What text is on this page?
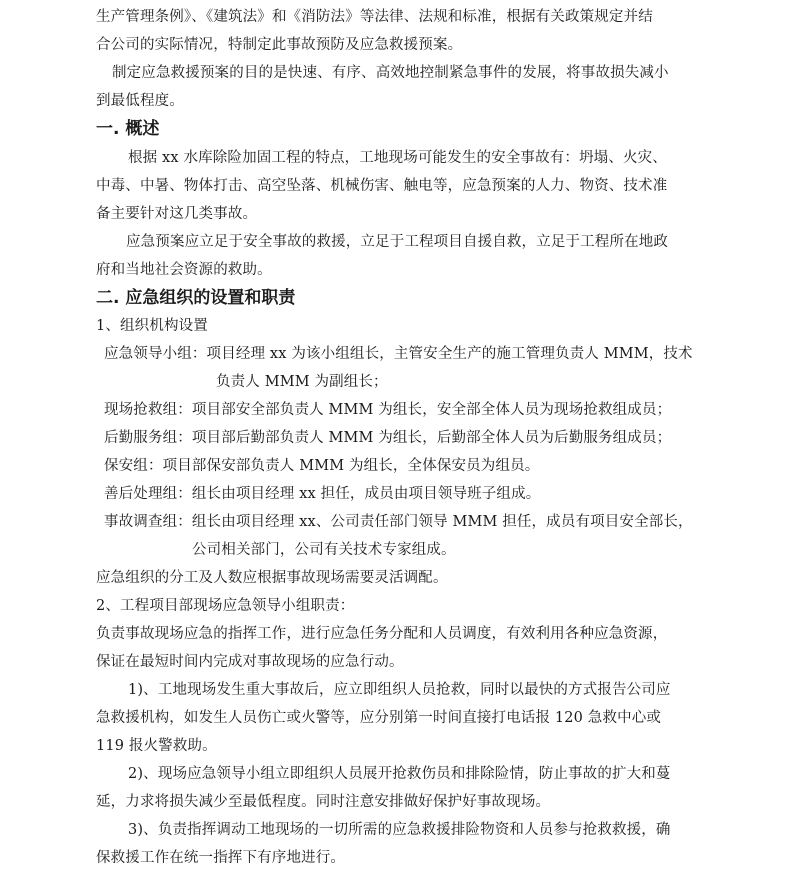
生产管理条例》、《建筑法》和《消防法》等法律、法规和标准，根据有关政策规定并结
合公司的实际情况，特制定此事故预防及应急救援预案。
制定应急救援预案的目的是快速、有序、高效地控制紧急事件的发展，将事故损失减小
到最低程度。
一. 概述
根据 xx 水库除险加固工程的特点，工地现场可能发生的安全事故有：坍塌、火灾、
中毒、中暑、物体打击、高空坠落、机械伤害、触电等，应急预案的人力、物资、技术准
备主要针对这几类事故。
应急预案应立足于安全事故的救援，立足于工程项目自援自救，立足于工程所在地政
府和当地社会资源的救助。
二. 应急组织的设置和职责
1、组织机构设置
应急领导小组：项目经理 xx 为该小组组长，主管安全生产的施工管理负责人 MMM，技术
负责人 MMM 为副组长；
现场抢救组：项目部安全部负责人 MMM 为组长，安全部全体人员为现场抢救组成员；
后勤服务组：项目部后勤部负责人 MMM 为组长，后勤部全体人员为后勤服务组成员；
保安组：项目部保安部负责人 MMM 为组长，全体保安员为组员。
善后处理组：组长由项目经理 xx 担任，成员由项目领导班子组成。
事故调查组：组长由项目经理 xx、公司责任部门领导 MMM 担任，成员有项目安全部长，
公司相关部门，公司有关技术专家组成。
应急组织的分工及人数应根据事故现场需要灵活调配。
2、工程项目部现场应急领导小组职责：
负责事故现场应急的指挥工作，进行应急任务分配和人员调度，有效利用各种应急资源，
保证在最短时间内完成对事故现场的应急行动。
1)、工地现场发生重大事故后，应立即组织人员抢救，同时以最快的方式报告公司应
急救援机构，如发生人员伤亡或火警等，应分别第一时间直接打电话报 120 急救中心或
119 报火警救助。
2)、现场应急领导小组立即组织人员展开抢救伤员和排除险情，防止事故的扩大和蔓
延，力求将损失减少至最低程度。同时注意安排做好保护好事故现场。
3)、负责指挥调动工地现场的一切所需的应急救援排险物资和人员参与抢救救援，确
保救援工作在统一指挥下有序地进行。
